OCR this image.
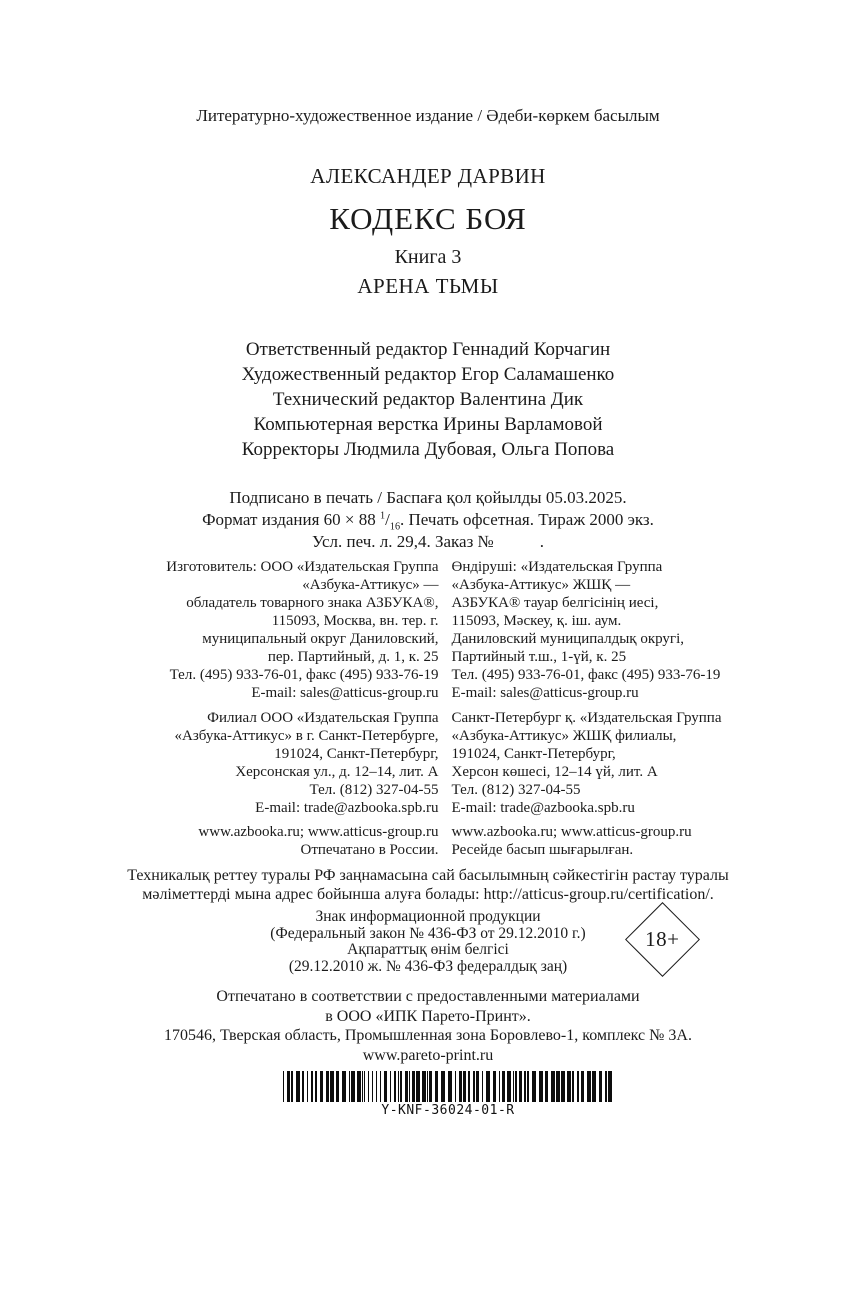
Литературно-художественное издание / Әдеби-көркем басылым
АЛЕКСАНДЕР ДАРВИН
КОДЕКС БОЯ
Книга 3
АРЕНА ТЬМЫ
Ответственный редактор Геннадий Корчагин
Художественный редактор Егор Саламашенко
Технический редактор Валентина Дик
Компьютерная верстка Ирины Варламовой
Корректоры Людмила Дубовая, Ольга Попова
Подписано в печать / Баспаға қол қойылды 05.03.2025.
Формат издания 60 × 88 $^1/_{16}$. Печать офсетная. Тираж 2000 экз.
Усл. печ. л. 29,4. Заказ №	.
Изготовитель: ООО «Издательская Группа
«Азбука-Аттикус» —
обладатель товарного знака АЗБУКА®,
115093, Москва, вн. тер. г.
муниципальный округ Даниловский,
пер. Партийный, д. 1, к. 25
Тел. (495) 933-76-01, факс (495) 933-76-19
E-mail: sales@atticus-group.ru
Филиал ООО «Издательская Группа
«Азбука-Аттикус» в г. Санкт-Петербурге,
191024, Санкт-Петербург,
Херсонская ул., д. 12–14, лит. А
Тел. (812) 327-04-55
E-mail: trade@azbooka.spb.ru
www.azbooka.ru; www.atticus-group.ru
Отпечатано в России.
Өндіруші: «Издательская Группа
«Азбука-Аттикус» ЖШҚ —
АЗБУКА® тауар белгісінің иесі,
115093, Мәскеу, қ. іш. аум.
Даниловский муниципалдық округі,
Партийный т.ш., 1-үй, к. 25
Тел. (495) 933-76-01, факс (495) 933-76-19
E-mail: sales@atticus-group.ru
Санкт-Петербург қ. «Издательская Группа
«Азбука-Аттикус» ЖШҚ филиалы,
191024, Санкт-Петербург,
Херсон көшесі, 12–14 үй, лит. А
Тел. (812) 327-04-55
E-mail: trade@azbooka.spb.ru
www.azbooka.ru; www.atticus-group.ru
Ресейде басып шығарылған.
Техникалық реттеу туралы РФ заңнамасына сай басылымның сәйкестігін растау туралы
мәліметтерді мына адрес бойынша алуға болады: http://atticus-group.ru/certification/.
Знак информационной продукции
(Федеральный закон № 436-ФЗ от 29.12.2010 г.)
Ақпараттық өнім белгісі
(29.12.2010 ж. № 436-ФЗ федералдық заң)
18+
Отпечатано в соответствии с предоставленными материалами
в ООО «ИПК Парето-Принт».
170546, Тверская область, Промышленная зона Боровлево-1, комплекс № 3А.
www.pareto-print.ru
Y-KNF-36024-01-R
